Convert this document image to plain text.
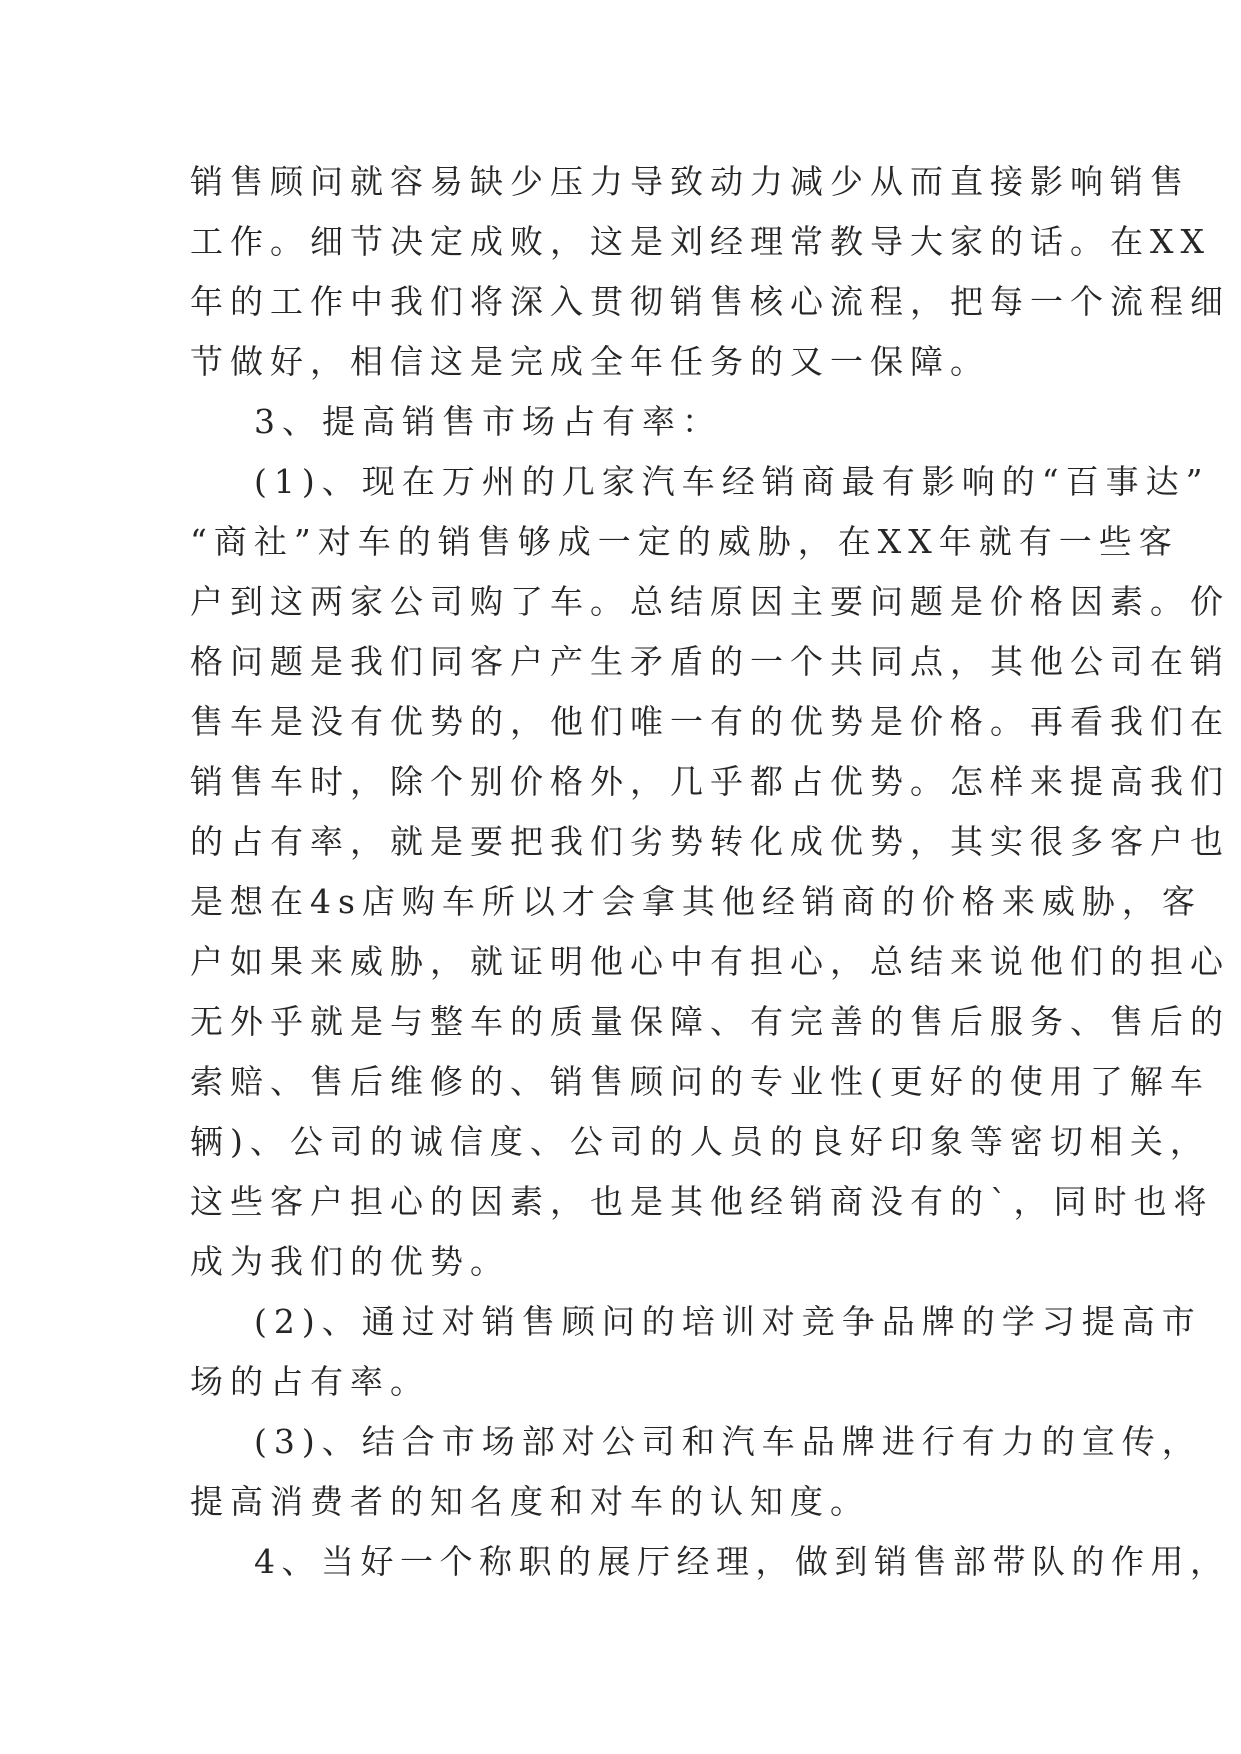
销售顾问就容易缺少压力导致动力减少从而直接影响销售
工作。细节决定成败，这是刘经理常教导大家的话。在XX
年的工作中我们将深入贯彻销售核心流程，把每一个流程细
节做好，相信这是完成全年任务的又一保障。
3、提高销售市场占有率：
(1)、现在万州的几家汽车经销商最有影响的“百事达”
“商社”对车的销售够成一定的威胁，在XX年就有一些客
户到这两家公司购了车。总结原因主要问题是价格因素。价
格问题是我们同客户产生矛盾的一个共同点，其他公司在销
售车是没有优势的，他们唯一有的优势是价格。再看我们在
销售车时，除个别价格外，几乎都占优势。怎样来提高我们
的占有率，就是要把我们劣势转化成优势，其实很多客户也
是想在4s店购车所以才会拿其他经销商的价格来威胁，客
户如果来威胁，就证明他心中有担心，总结来说他们的担心
无外乎就是与整车的质量保障、有完善的售后服务、售后的
索赔、售后维修的、销售顾问的专业性(更好的使用了解车
辆)、公司的诚信度、公司的人员的良好印象等密切相关，
这些客户担心的因素，也是其他经销商没有的`，同时也将
成为我们的优势。
(2)、通过对销售顾问的培训对竞争品牌的学习提高市
场的占有率。
(3)、结合市场部对公司和汽车品牌进行有力的宣传，
提高消费者的知名度和对车的认知度。
4、当好一个称职的展厅经理，做到销售部带队的作用，
